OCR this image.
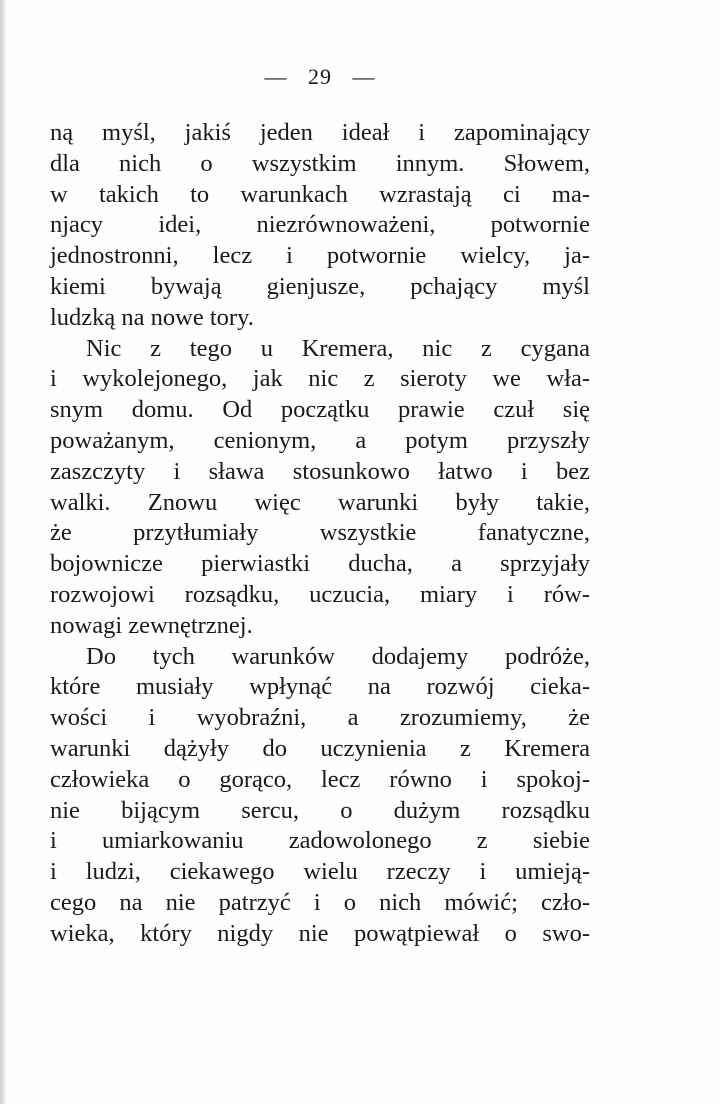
— 29 —
ną myśl, jakiś jeden ideał i zapominający
dla nich o wszystkim innym. Słowem,
w takich to warunkach wzrastają ci ma-
njacy idei, niezrównoważeni, potwornie
jednostronni, lecz i potwornie wielcy, ja-
kiemi bywają gienjusze, pchający myśl
ludzką na nowe tory.
Nic z tego u Kremera, nic z cygana
i wykolejonego, jak nic z sieroty we wła-
snym domu. Od początku prawie czuł się
poważanym, cenionym, a potym przyszły
zaszczyty i sława stosunkowo łatwo i bez
walki. Znowu więc warunki były takie,
że przytłumiały wszystkie fanatyczne,
bojownicze pierwiastki ducha, a sprzyjały
rozwojowi rozsądku, uczucia, miary i rów-
nowagi zewnętrznej.
Do tych warunków dodajemy podróże,
które musiały wpłynąć na rozwój cieka-
wości i wyobraźni, a zrozumiemy, że
warunki dążyły do uczynienia z Kremera
człowieka o gorąco, lecz równo i spokoj-
nie bijącym sercu, o dużym rozsądku
i umiarkowaniu zadowolonego z siebie
i ludzi, ciekawego wielu rzeczy i umieją-
cego na nie patrzyć i o nich mówić; czło-
wieka, który nigdy nie powątpiewał o swo-
